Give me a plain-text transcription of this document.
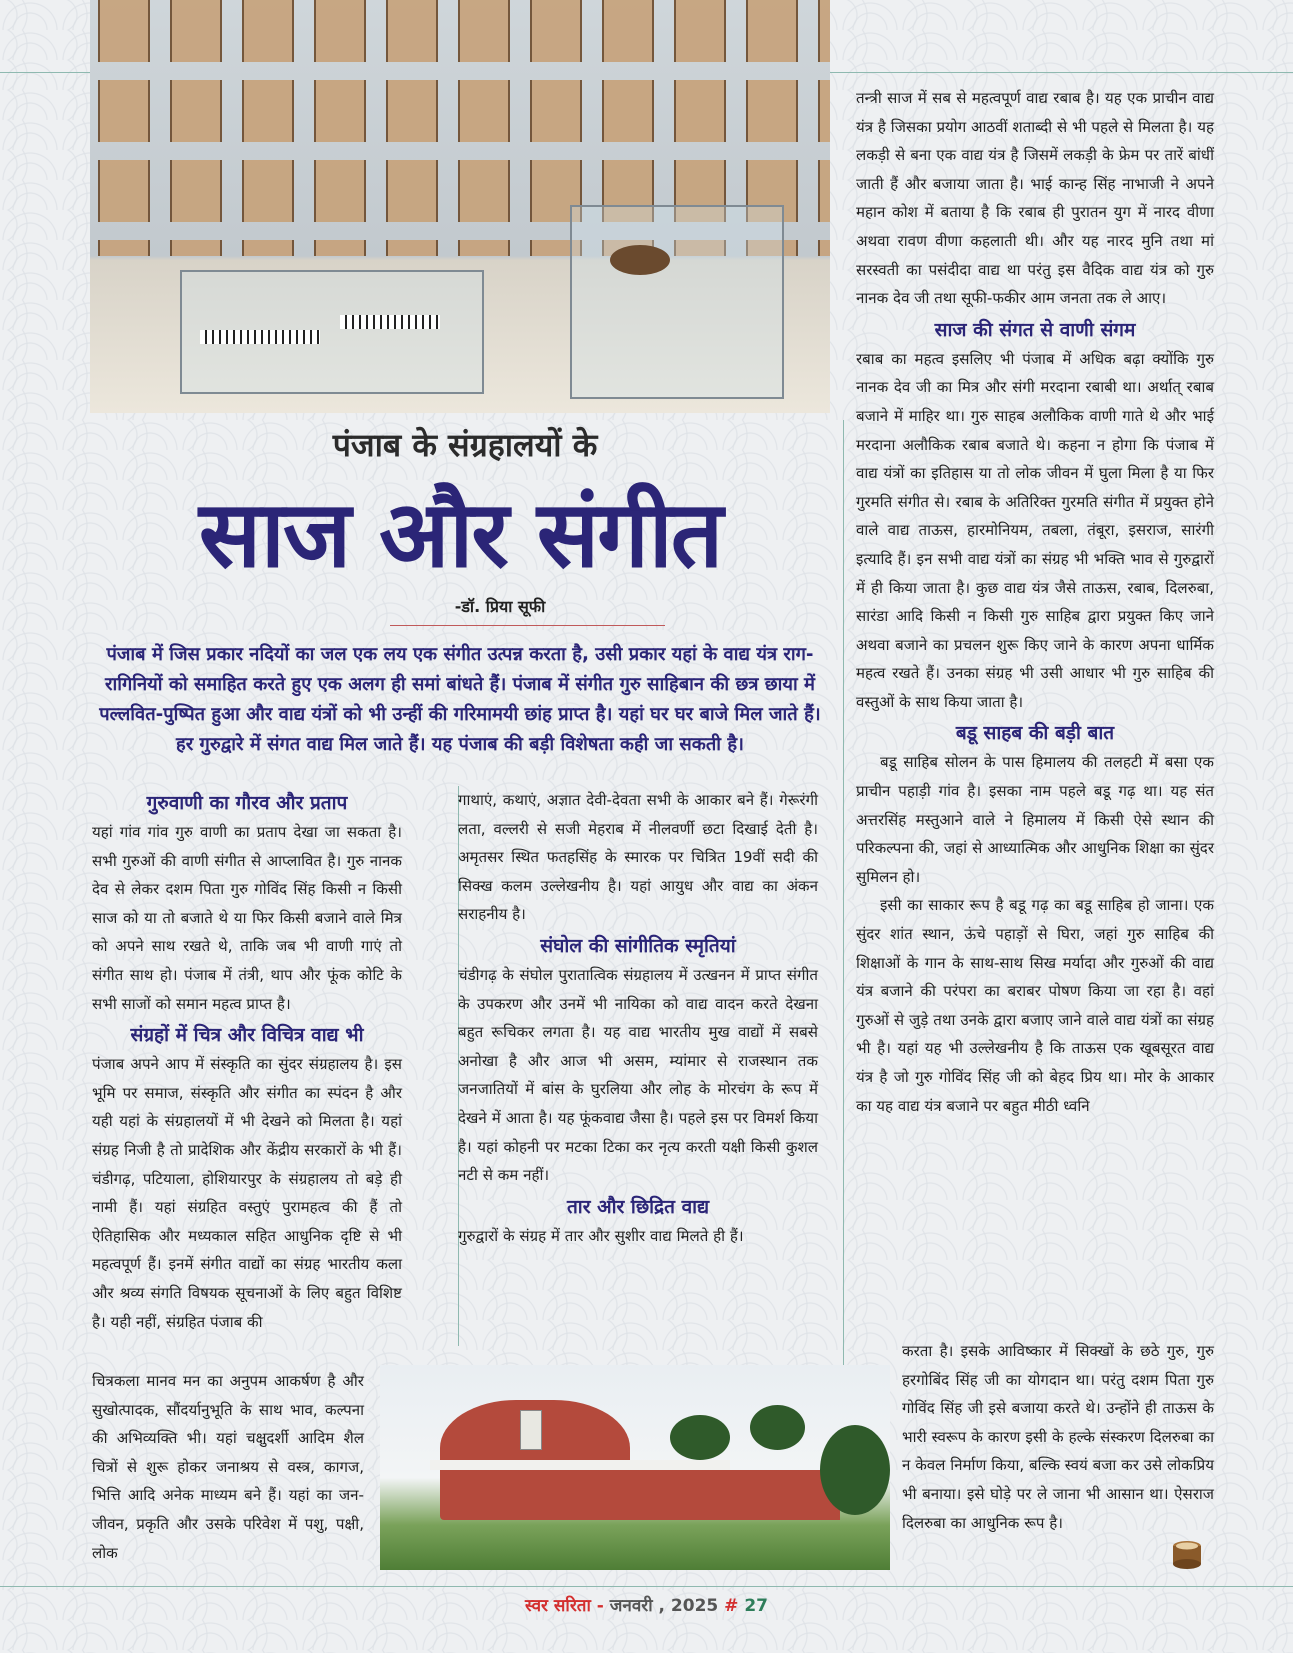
पंजाब के संग्रहालयों के
साज और संगीत
-डॉ. प्रिया सूफी
पंजाब में जिस प्रकार नदियों का जल एक लय एक संगीत उत्पन्न करता है, उसी प्रकार यहां के वाद्य यंत्र राग-रागिनियों को समाहित करते हुए एक अलग ही समां बांधते हैं। पंजाब में संगीत गुरु साहिबान की छत्र छाया में पल्लवित-पुष्पित हुआ और वाद्य यंत्रों को भी उन्हीं की गरिमामयी छांह प्राप्त है। यहां घर घर बाजे मिल जाते हैं। हर गुरुद्वारे में संगत वाद्य मिल जाते हैं। यह पंजाब की बड़ी विशेषता कही जा सकती है।

गुरुवाणी का गौरव और प्रताप

यहां गांव गांव गुरु वाणी का प्रताप देखा जा सकता है। सभी गुरुओं की वाणी संगीत से आप्लावित है। गुरु नानक देव से लेकर दशम पिता गुरु गोविंद सिंह किसी न किसी साज को या तो बजाते थे या फिर किसी बजाने वाले मित्र को अपने साथ रखते थे, ताकि जब भी वाणी गाएं तो संगीत साथ हो। पंजाब में तंत्री, थाप और फूंक कोटि के सभी साजों को समान महत्व प्राप्त है।

संग्रहों में चित्र और विचित्र वाद्य भी

पंजाब अपने आप में संस्कृति का सुंदर संग्रहालय है। इस भूमि पर समाज, संस्कृति और संगीत का स्पंदन है और यही यहां के संग्रहालयों में भी देखने को मिलता है। यहां संग्रह निजी है तो प्रादेशिक और केंद्रीय सरकारों के भी हैं। चंडीगढ़, पटियाला, होशियारपुर के संग्रहालय तो बड़े ही नामी हैं। यहां संग्रहित वस्तुएं पुरामहत्व की हैं तो ऐतिहासिक और मध्यकाल सहित आधुनिक दृष्टि से भी महत्वपूर्ण हैं। इनमें संगीत वाद्यों का संग्रह भारतीय कला और श्रव्य संगति विषयक सूचनाओं के लिए बहुत विशिष्ट है। यही नहीं, संग्रहित पंजाब की

चित्रकला मानव मन का अनुपम आकर्षण है और सुखोत्पादक, सौंदर्यानुभूति के साथ भाव, कल्पना की अभिव्यक्ति भी। यहां चक्षुदर्शी आदिम शैल चित्रों से शुरू होकर जनाश्रय से वस्त्र, कागज, भित्ति आदि अनेक माध्यम बने हैं। यहां का जन-जीवन, प्रकृति और उसके परिवेश में पशु, पक्षी, लोक

गाथाएं, कथाएं, अज्ञात देवी-देवता सभी के आकार बने हैं। गेरूरंगी लता, वल्लरी से सजी मेहराब में नीलवर्णी छटा दिखाई देती है। अमृतसर स्थित फतहसिंह के स्मारक पर चित्रित 19वीं सदी की सिक्ख कलम उल्लेखनीय है। यहां आयुध और वाद्य का अंकन सराहनीय है।

संघोल की सांगीतिक स्मृतियां

चंडीगढ़ के संघोल पुरातात्विक संग्रहालय में उत्खनन में प्राप्त संगीत के उपकरण और उनमें भी नायिका को वाद्य वादन करते देखना बहुत रूचिकर लगता है। यह वाद्य भारतीय मुख वाद्यों में सबसे अनोखा है और आज भी असम, म्यांमार से राजस्थान तक जनजातियों में बांस के घुरलिया और लोह के मोरचंग के रूप में देखने में आता है। यह फूंकवाद्य जैसा है। पहले इस पर विमर्श किया है। यहां कोहनी पर मटका टिका कर नृत्य करती यक्षी किसी कुशल नटी से कम नहीं।

तार और छिद्रित वाद्य

गुरुद्वारों के संग्रह में तार और सुशीर वाद्य मिलते ही हैं।

तन्त्री साज में सब से महत्वपूर्ण वाद्य रबाब है। यह एक प्राचीन वाद्य यंत्र है जिसका प्रयोग आठवीं शताब्दी से भी पहले से मिलता है। यह लकड़ी से बना एक वाद्य यंत्र है जिसमें लकड़ी के फ्रेम पर तारें बांधीं जाती हैं और बजाया जाता है। भाई कान्ह सिंह नाभाजी ने अपने महान कोश में बताया है कि रबाब ही पुरातन युग में नारद वीणा अथवा रावण वीणा कहलाती थी। और यह नारद मुनि तथा मां सरस्वती का पसंदीदा वाद्य था परंतु इस वैदिक वाद्य यंत्र को गुरु नानक देव जी तथा सूफी-फकीर आम जनता तक ले आए।

साज की संगत से वाणी संगम

रबाब का महत्व इसलिए भी पंजाब में अधिक बढ़ा क्योंकि गुरु नानक देव जी का मित्र और संगी मरदाना रबाबी था। अर्थात् रबाब बजाने में माहिर था। गुरु साहब अलौकिक वाणी गाते थे और भाई मरदाना अलौकिक रबाब बजाते थे। कहना न होगा कि पंजाब में वाद्य यंत्रों का इतिहास या तो लोक जीवन में घुला मिला है या फिर गुरमति संगीत से। रबाब के अतिरिक्त गुरमति संगीत में प्रयुक्त होने वाले वाद्य ताऊस, हारमोनियम, तबला, तंबूरा, इसराज, सारंगी इत्यादि हैं। इन सभी वाद्य यंत्रों का संग्रह भी भक्ति भाव से गुरुद्वारों में ही किया जाता है। कुछ वाद्य यंत्र जैसे ताऊस, रबाब, दिलरुबा, सारंडा आदि किसी न किसी गुरु साहिब द्वारा प्रयुक्त किए जाने अथवा बजाने का प्रचलन शुरू किए जाने के कारण अपना धार्मिक महत्व रखते हैं। उनका संग्रह भी उसी आधार भी गुरु साहिब की वस्तुओं के साथ किया जाता है।

बडू साहब की बड़ी बात

बडू साहिब सोलन के पास हिमालय की तलहटी में बसा एक प्राचीन पहाड़ी गांव है। इसका नाम पहले बडू गढ़ था। यह संत अत्तरसिंह मस्तुआने वाले ने हिमालय में किसी ऐसे स्थान की परिकल्पना की, जहां से आध्यात्मिक और आधुनिक शिक्षा का सुंदर सुमिलन हो।

इसी का साकार रूप है बडू गढ़ का बडू साहिब हो जाना। एक सुंदर शांत स्थान, ऊंचे पहाड़ों से घिरा, जहां गुरु साहिब की शिक्षाओं के गान के साथ-साथ सिख मर्यादा और गुरुओं की वाद्य यंत्र बजाने की परंपरा का बराबर पोषण किया जा रहा है। वहां गुरुओं से जुड़े तथा उनके द्वारा बजाए जाने वाले वाद्य यंत्रों का संग्रह भी है। यहां यह भी उल्लेखनीय है कि ताऊस एक खूबसूरत वाद्य यंत्र है जो गुरु गोविंद सिंह जी को बेहद प्रिय था। मोर के आकार का यह वाद्य यंत्र बजाने पर बहुत मीठी ध्वनि

करता है। इसके आविष्कार में सिक्खों के छठे गुरु, गुरु हरगोबिंद सिंह जी का योगदान था। परंतु दशम पिता गुरु गोविंद सिंह जी इसे बजाया करते थे। उन्होंने ही ताऊस के भारी स्वरूप के कारण इसी के हल्के संस्करण दिलरुबा का न केवल निर्माण किया, बल्कि स्वयं बजा कर उसे लोकप्रिय भी बनाया। इसे घोड़े पर ले जाना भी आसान था। ऐसराज दिलरुबा का आधुनिक रूप है।

स्वर सरिता - जनवरी , 2025 # 27
